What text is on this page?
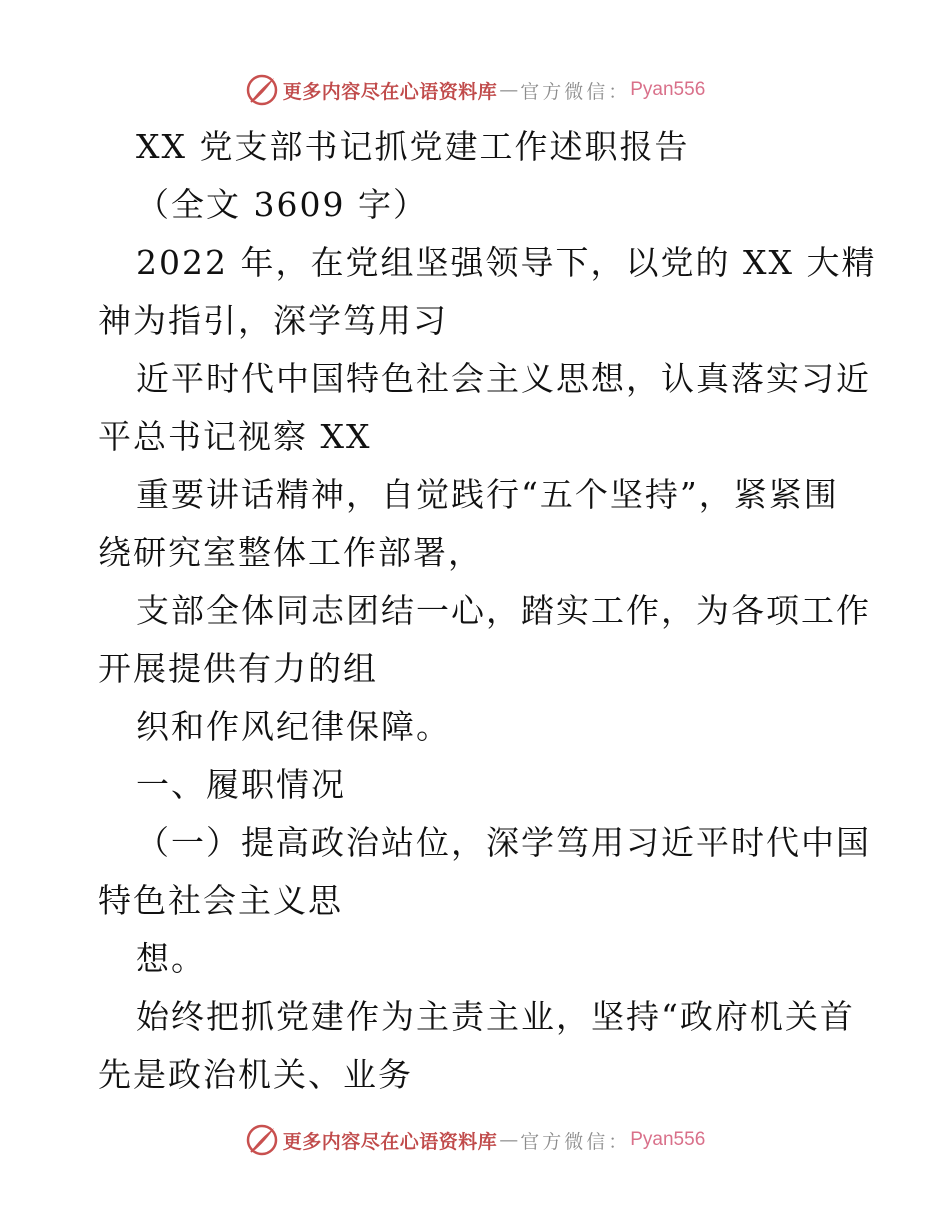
更多内容尽在心语资料库 — 官方微信： Pyan556
XX 党支部书记抓党建工作述职报告
（全文 3609 字）
2022 年，在党组坚强领导下，以党的 XX 大精
神为指引，深学笃用习
近平时代中国特色社会主义思想，认真落实习近
平总书记视察 XX
重要讲话精神，自觉践行“五个坚持”，紧紧围
绕研究室整体工作部署，
支部全体同志团结一心，踏实工作，为各项工作
开展提供有力的组
织和作风纪律保障。
一、履职情况
（一）提高政治站位，深学笃用习近平时代中国
特色社会主义思
想。
始终把抓党建作为主责主业，坚持“政府机关首
先是政治机关、业务
更多内容尽在心语资料库 — 官方微信： Pyan556
